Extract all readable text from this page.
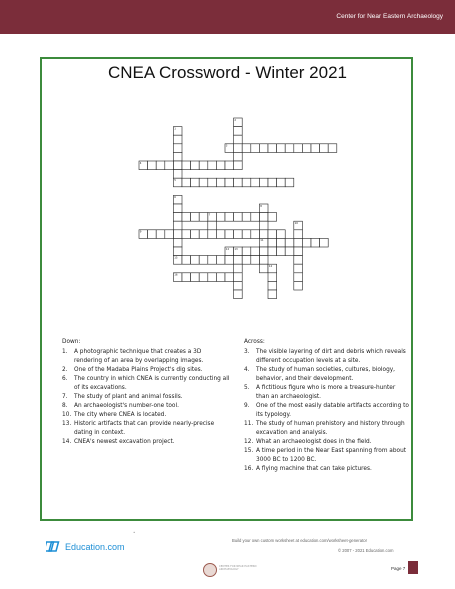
Center for Near Eastern Archaeology
CNEA Crossword - Winter 2021
2
1
3
4
5
6
7
8
10
9
11
12 13
15
16
14
Down:
1.	A photographic technique that creates a 3D rendering of an area by overlapping images.
2.	One of the Madaba Plains Project's dig sites.
6.	The country in which CNEA is currently conducting all of its excavations.
7.	The study of plant and animal fossils.
8.	An archaeologist's number-one tool.
10. The city where CNEA is located.
13. Historic artifacts that can provide nearly-precise dating in context.
14. CNEA's newest excavation project.
Across:
3.	The visible layering of dirt and debris which reveals different occupation levels at a site.
4.	The study of human societies, cultures, biology, behavior, and their development.
5.	A fictitious figure who is more a treasure-hunter than an archaeologist.
9.	One of the most easily datable artifacts according to its typology.
11. The study of human prehistory and history through excavation and analysis.
12. What an archaeologist does in the field.
15. A time period in the Near East spanning from about 3000 BC to 1200 BC.
16. A flying machine that can take pictures.
•
Education.com
Build your own custom worksheet at education.com/worksheet-generator
© 2007 - 2021 Education.com
CENTER FOR NEAR EASTERN ARCHAEOLOGY	Page 7
